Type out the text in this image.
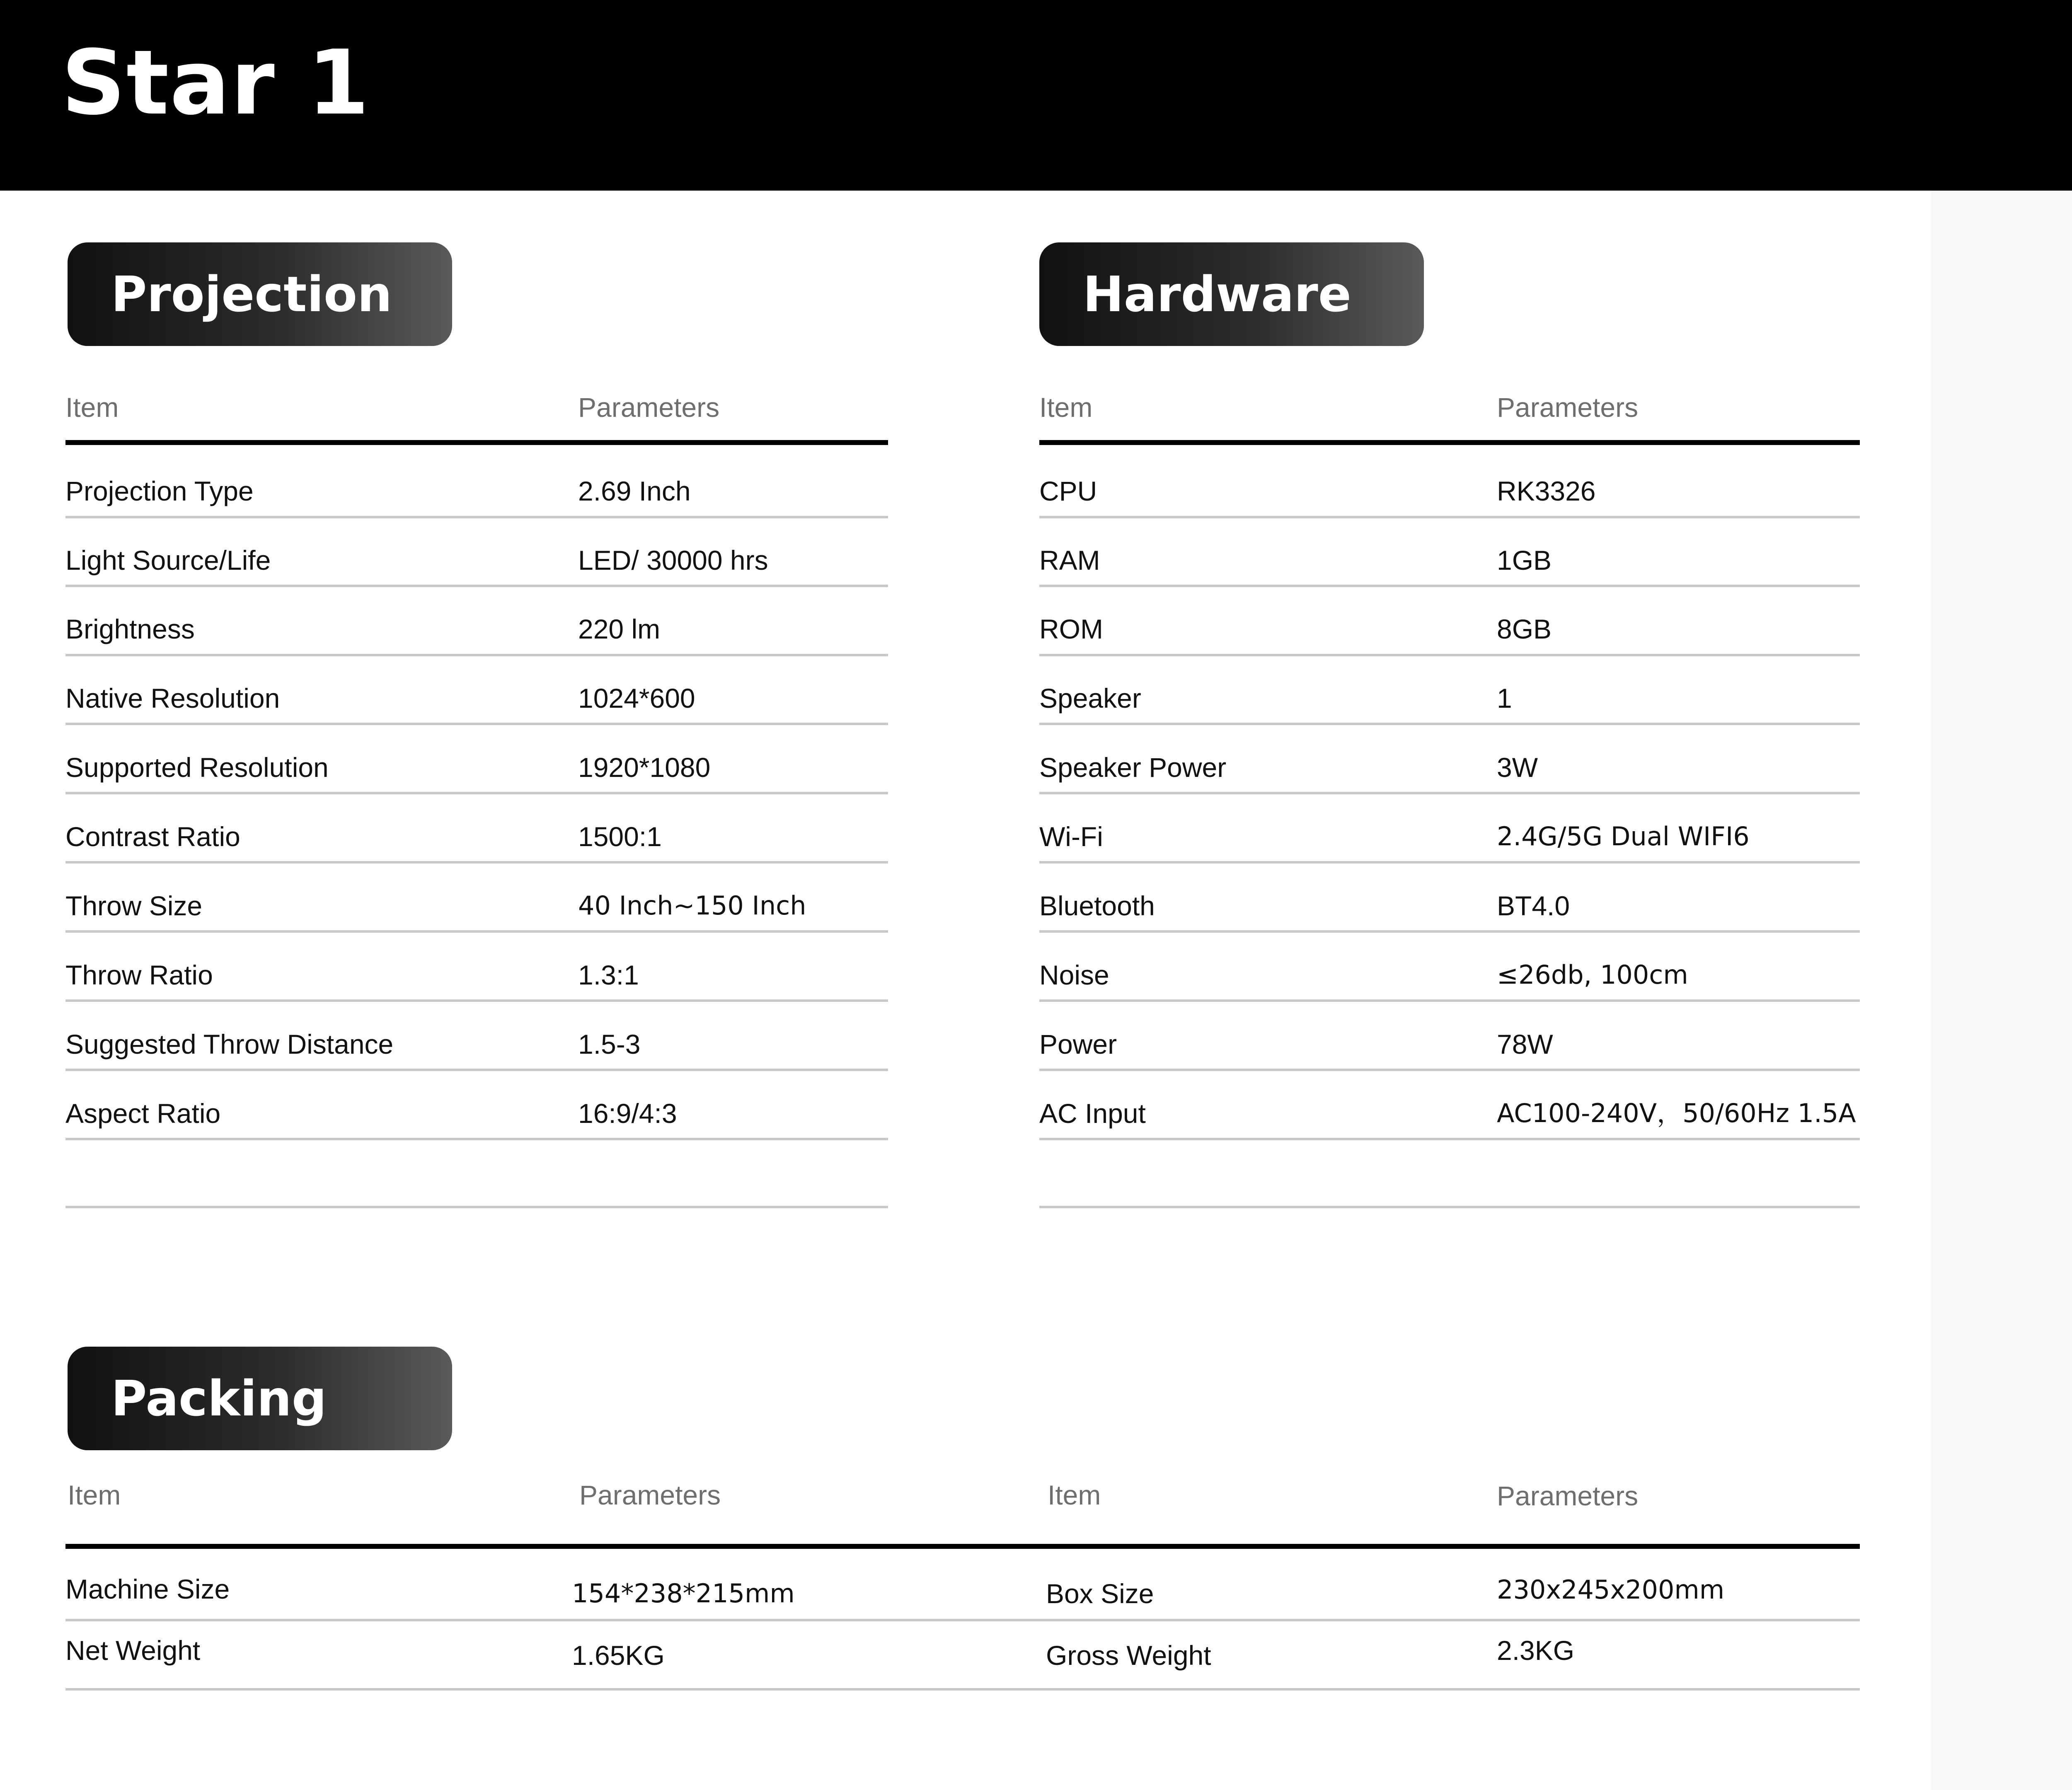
Star 1
Projection
Item	Parameters
Projection Type	2.69 Inch
Light Source/Life	LED/ 30000 hrs
Brightness	220 lm
Native Resolution	1024*600
Supported Resolution	1920*1080
Contrast Ratio	1500:1
Throw Size	40 Inch~150 Inch
Throw Ratio	1.3:1
Suggested Throw Distance	1.5-3
Aspect Ratio	16:9/4:3
Hardware
Item	Parameters
CPU	RK3326
RAM	1GB
ROM	8GB
Speaker	1
Speaker Power	3W
Wi-Fi	2.4G/5G Dual WIFI6
Bluetooth	BT4.0
Noise	≤26db, 100cm
Power	78W
AC Input	AC100-240V，50/60Hz 1.5A
Packing
Item	Parameters	Item	Parameters
Machine Size	154*238*215mm	Box Size	230x245x200mm
Net Weight	1.65KG	Gross Weight	2.3KG
